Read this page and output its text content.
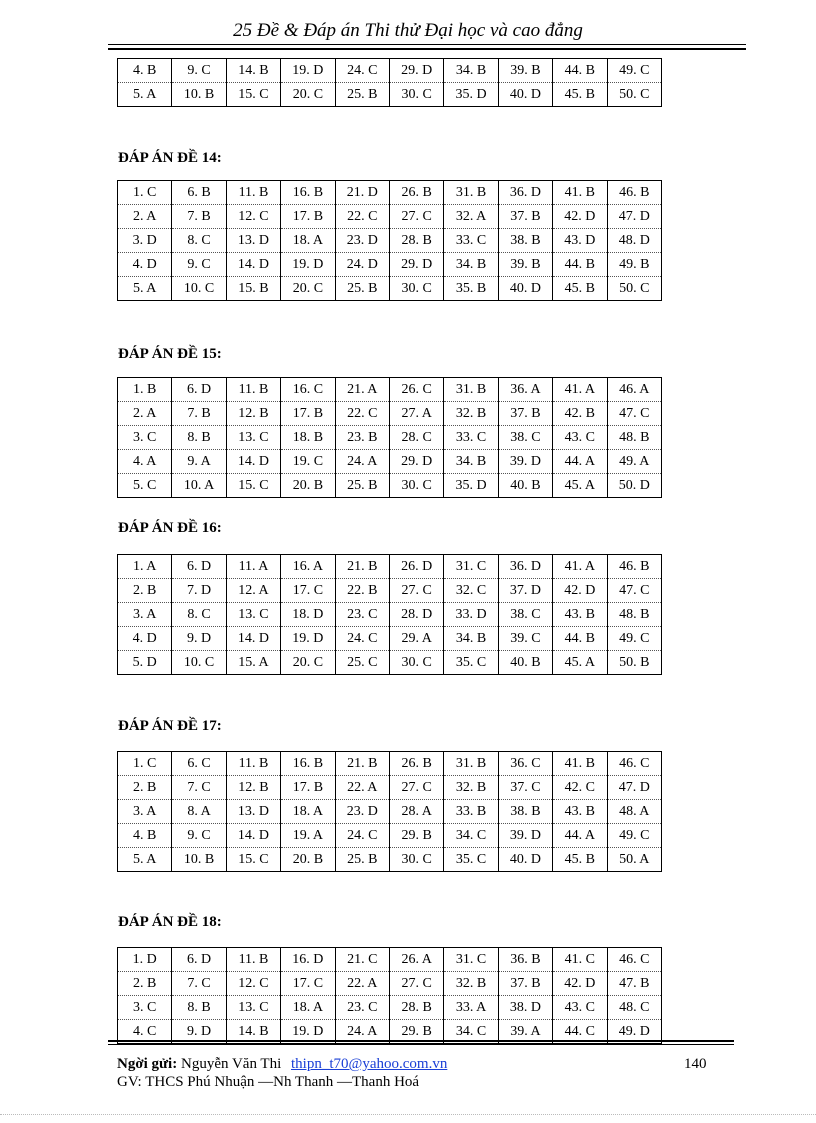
25 Đề & Đáp án Thi thử Đại học và cao đẳng
4. B	9. C	14. B	19. D	24. C	29. D	34. B	39. B	44. B	49. C
5. A	10. B	15. C	20. C	25. B	30. C	35. D	40. D	45. B	50. C
ĐÁP ÁN ĐỀ 14:
1. C	6. B	11. B	16. B	21. D	26. B	31. B	36. D	41. B	46. B
2. A	7. B	12. C	17. B	22. C	27. C	32. A	37. B	42. D	47. D
3. D	8. C	13. D	18. A	23. D	28. B	33. C	38. B	43. D	48. D
4. D	9. C	14. D	19. D	24. D	29. D	34. B	39. B	44. B	49. B
5. A	10. C	15. B	20. C	25. B	30. C	35. B	40. D	45. B	50. C
ĐÁP ÁN ĐỀ 15:
1. B	6. D	11. B	16. C	21. A	26. C	31. B	36. A	41. A	46. A
2. A	7. B	12. B	17. B	22. C	27. A	32. B	37. B	42. B	47. C
3. C	8. B	13. C	18. B	23. B	28. C	33. C	38. C	43. C	48. B
4. A	9. A	14. D	19. C	24. A	29. D	34. B	39. D	44. A	49. A
5. C	10. A	15. C	20. B	25. B	30. C	35. D	40. B	45. A	50. D
ĐÁP ÁN ĐỀ 16:
1. A	6. D	11. A	16. A	21. B	26. D	31. C	36. D	41. A	46. B
2. B	7. D	12. A	17. C	22. B	27. C	32. C	37. D	42. D	47. C
3. A	8. C	13. C	18. D	23. C	28. D	33. D	38. C	43. B	48. B
4. D	9. D	14. D	19. D	24. C	29. A	34. B	39. C	44. B	49. C
5. D	10. C	15. A	20. C	25. C	30. C	35. C	40. B	45. A	50. B
ĐÁP ÁN ĐỀ 17:
1. C	6. C	11. B	16. B	21. B	26. B	31. B	36. C	41. B	46. C
2. B	7. C	12. B	17. B	22. A	27. C	32. B	37. C	42. C	47. D
3. A	8. A	13. D	18. A	23. D	28. A	33. B	38. B	43. B	48. A
4. B	9. C	14. D	19. A	24. C	29. B	34. C	39. D	44. A	49. C
5. A	10. B	15. C	20. B	25. B	30. C	35. C	40. D	45. B	50. A
ĐÁP ÁN ĐỀ 18:
1. D	6. D	11. B	16. D	21. C	26. A	31. C	36. B	41. C	46. C
2. B	7. C	12. C	17. C	22. A	27. C	32. B	37. B	42. D	47. B
3. C	8. B	13. C	18. A	23. C	28. B	33. A	38. D	43. C	48. C
4. C	9. D	14. B	19. D	24. A	29. B	34. C	39. A	44. C	49. D
Ngời gửi: Nguyễn Văn Thi thipn_t70@yahoo.com.vn	140
GV: THCS Phú Nhuận —Nh Thanh —Thanh Hoá
